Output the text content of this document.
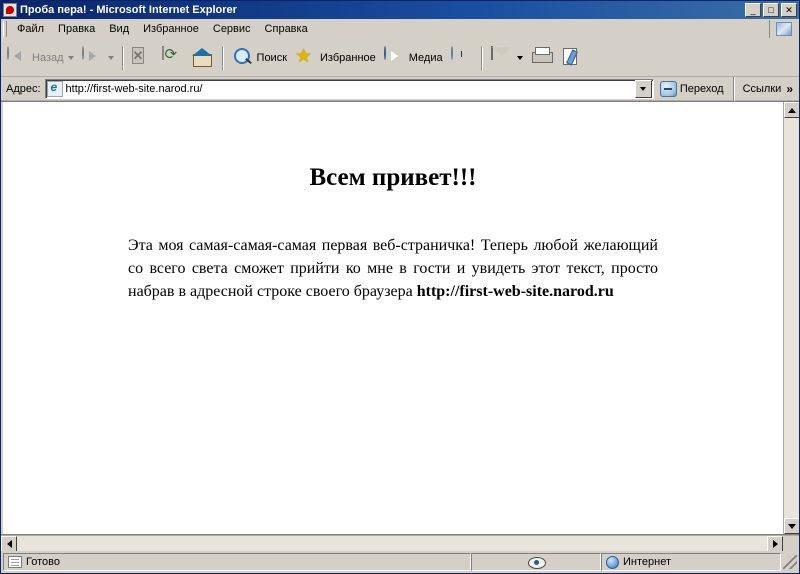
Проба пера! - Microsoft Internet Explorer	_	□	✕
Файл	Правка	Вид	Избранное	Сервис	Справка
Назад	✕ ⟳	Поиск ★ Избранное	Медиа
Адрес: e	http://first-web-site.narod.ru/	Переход Ссылки »
Всем привет!!!

Эта моя самая-самая-самая первая веб-страничка! Теперь любой желающий со всего света сможет прийти ко мне в гости и увидеть этот текст, просто набрав в адресной строке своего браузера http://first-web-site.narod.ru

Готово	Интернет
